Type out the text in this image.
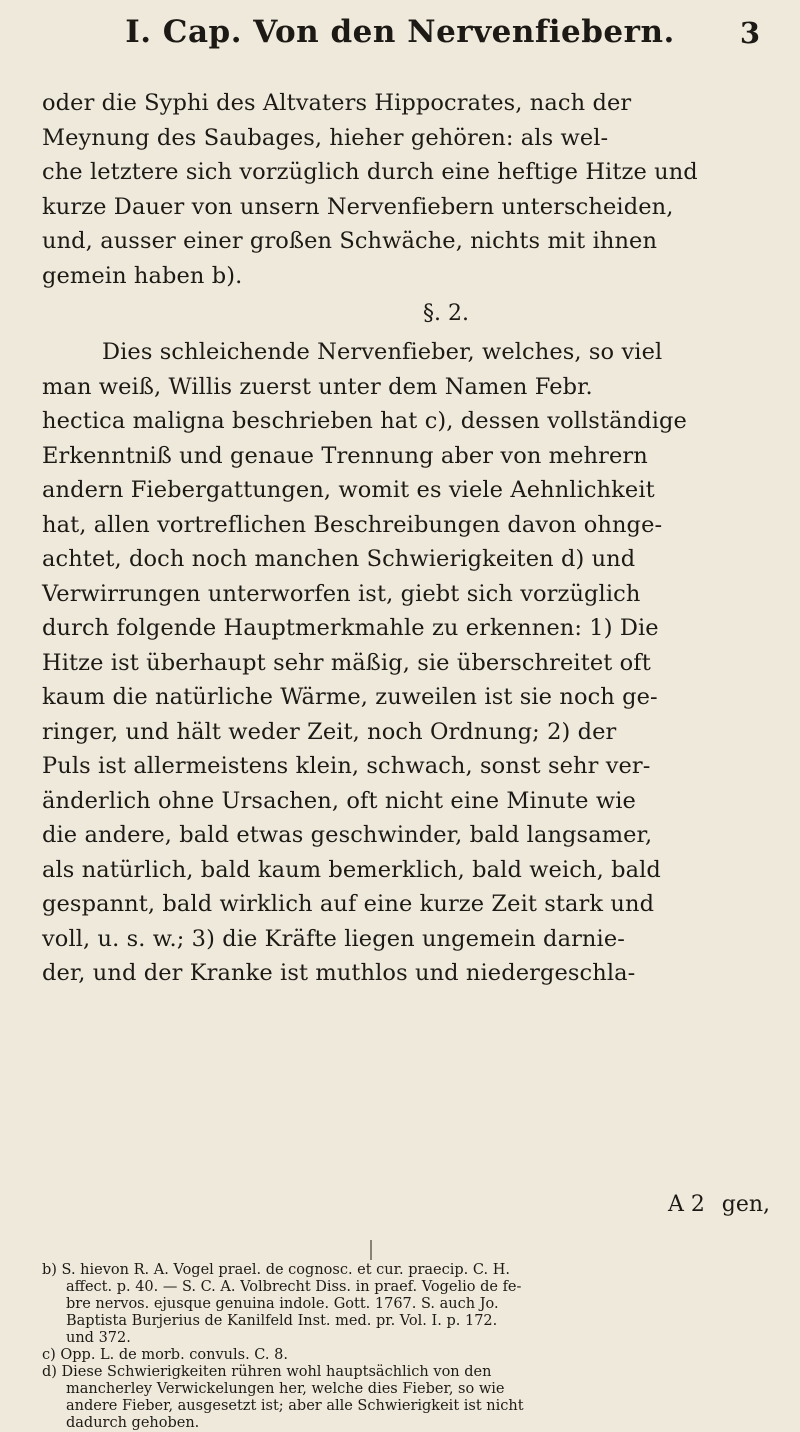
I. Cap. Von den Nervenfiebern.	3
oder die Syphi des Altvaters Hippocrates, nach der
Meynung des Saubages, hieher gehören: als wel-
che letztere sich vorzüglich durch eine heftige Hitze und
kurze Dauer von unsern Nervenfiebern unterscheiden,
und, ausser einer großen Schwäche, nichts mit ihnen
gemein haben b).
§. 2.
Dies schleichende Nervenfieber, welches, so viel
man weiß, Willis zuerst unter dem Namen Febr.
hectica maligna beschrieben hat c), dessen vollständige
Erkenntniß und genaue Trennung aber von mehrern
andern Fiebergattungen, womit es viele Aehnlichkeit
hat, allen vortreflichen Beschreibungen davon ohnge-
achtet, doch noch manchen Schwierigkeiten d) und
Verwirrungen unterworfen ist, giebt sich vorzüglich
durch folgende Hauptmerkmahle zu erkennen: 1) Die
Hitze ist überhaupt sehr mäßig, sie überschreitet oft
kaum die natürliche Wärme, zuweilen ist sie noch ge-
ringer, und hält weder Zeit, noch Ordnung; 2) der
Puls ist allermeistens klein, schwach, sonst sehr ver-
änderlich ohne Ursachen, oft nicht eine Minute wie
die andere, bald etwas geschwinder, bald langsamer,
als natürlich, bald kaum bemerklich, bald weich, bald
gespannt, bald wirklich auf eine kurze Zeit stark und
voll, u. s. w.; 3) die Kräfte liegen ungemein darnie-
der, und der Kranke ist muthlos und niedergeschla-
A 2 gen,
b) S. hievon R. A. Vogel prael. de cognosc. et cur. praecip. C. H.
affect. p. 40. — S. C. A. Volbrecht Diss. in praef. Vogelio de fe-
bre nervos. ejusque genuina indole. Gott. 1767. S. auch Jo.
Baptista Burjerius de Kanilfeld Inst. med. pr. Vol. I. p. 172.
und 372.
c) Opp. L. de morb. convuls. C. 8.
d) Diese Schwierigkeiten rühren wohl hauptsächlich von den
mancherley Verwickelungen her, welche dies Fieber, so wie
andere Fieber, ausgesetzt ist; aber alle Schwierigkeit ist nicht
dadurch gehoben.
